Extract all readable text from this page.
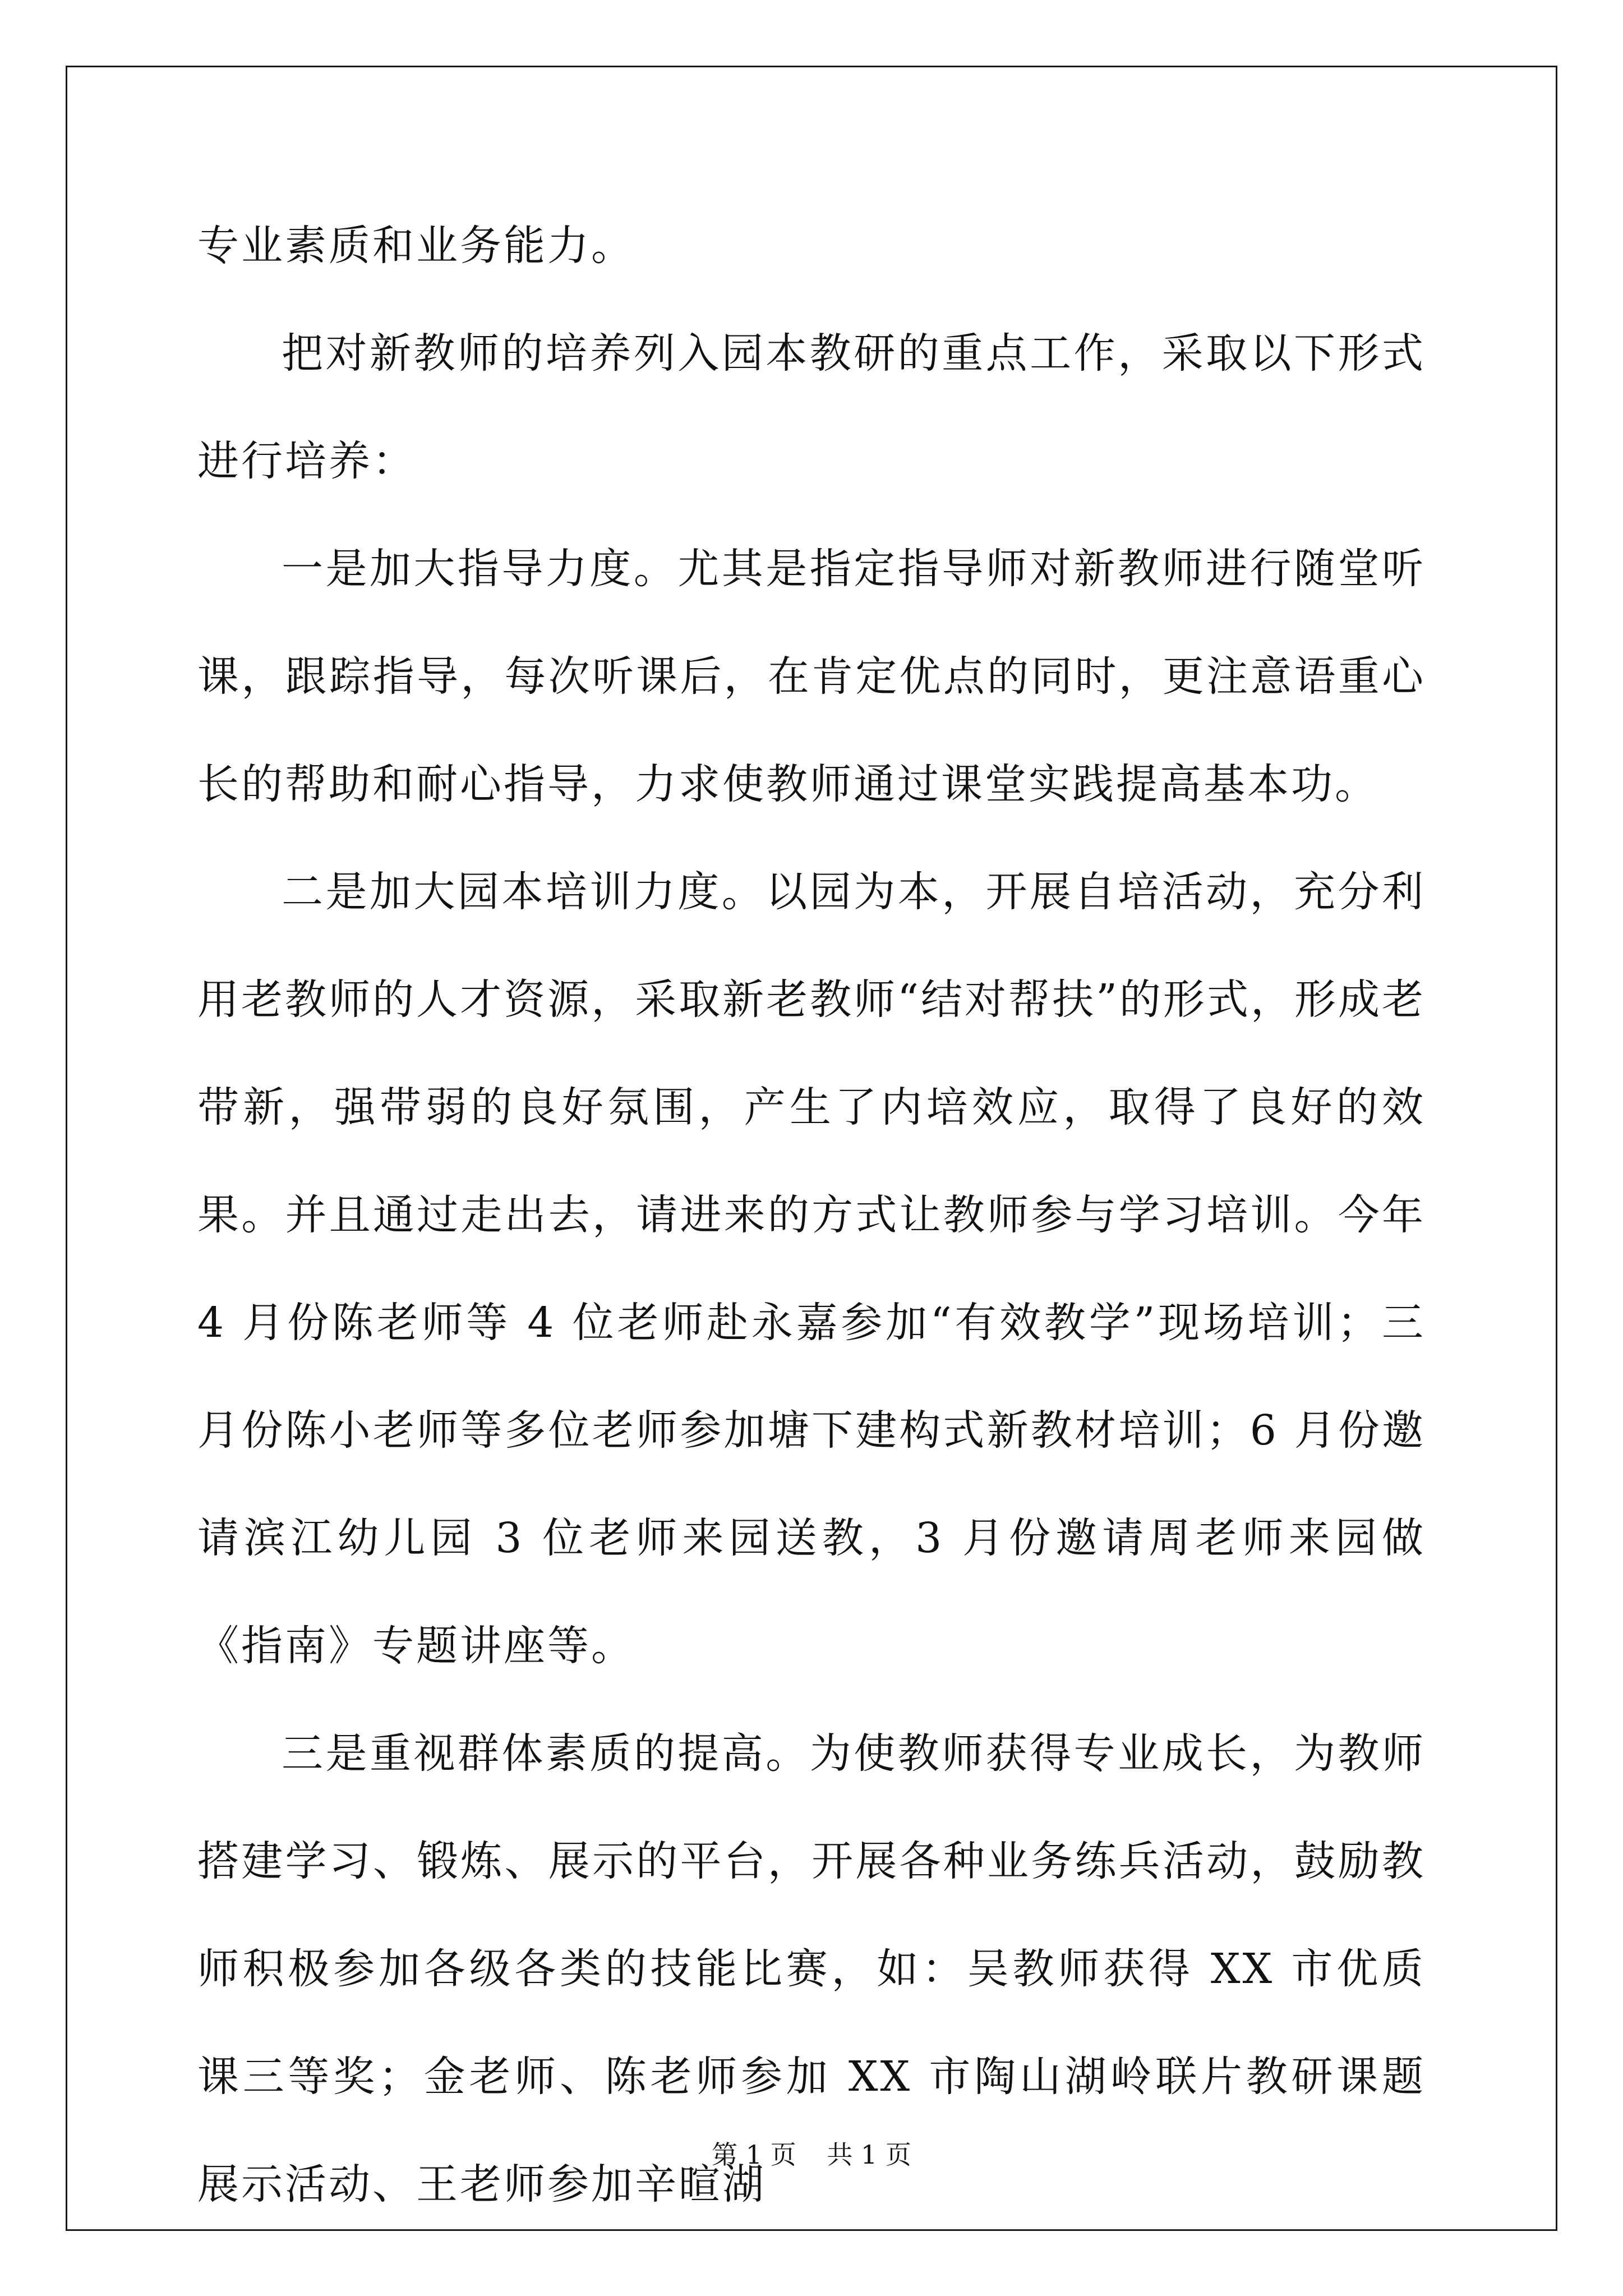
专业素质和业务能力。

把对新教师的培养列入园本教研的重点工作，采取以下形式进行培养：

一是加大指导力度。尤其是指定指导师对新教师进行随堂听课，跟踪指导，每次听课后，在肯定优点的同时，更注意语重心长的帮助和耐心指导，力求使教师通过课堂实践提高基本功。

二是加大园本培训力度。以园为本，开展自培活动，充分利用老教师的人才资源，采取新老教师“结对帮扶”的形式，形成老带新，强带弱的良好氛围，产生了内培效应，取得了良好的效果。并且通过走出去，请进来的方式让教师参与学习培训。今年 4 月份陈老师等 4 位老师赴永嘉参加“有效教学”现场培训；三月份陈小老师等多位老师参加塘下建构式新教材培训；6 月份邀请滨江幼儿园 3 位老师来园送教，3 月份邀请周老师来园做《指南》专题讲座等。

三是重视群体素质的提高。为使教师获得专业成长，为教师搭建学习、锻炼、展示的平台，开展各种业务练兵活动，鼓励教师积极参加各级各类的技能比赛，如：吴教师获得 XX 市优质课三等奖；金老师、陈老师参加 XX 市陶山湖岭联片教研课题展示活动、王老师参加辛暄湖

第 1 页 共 1 页
